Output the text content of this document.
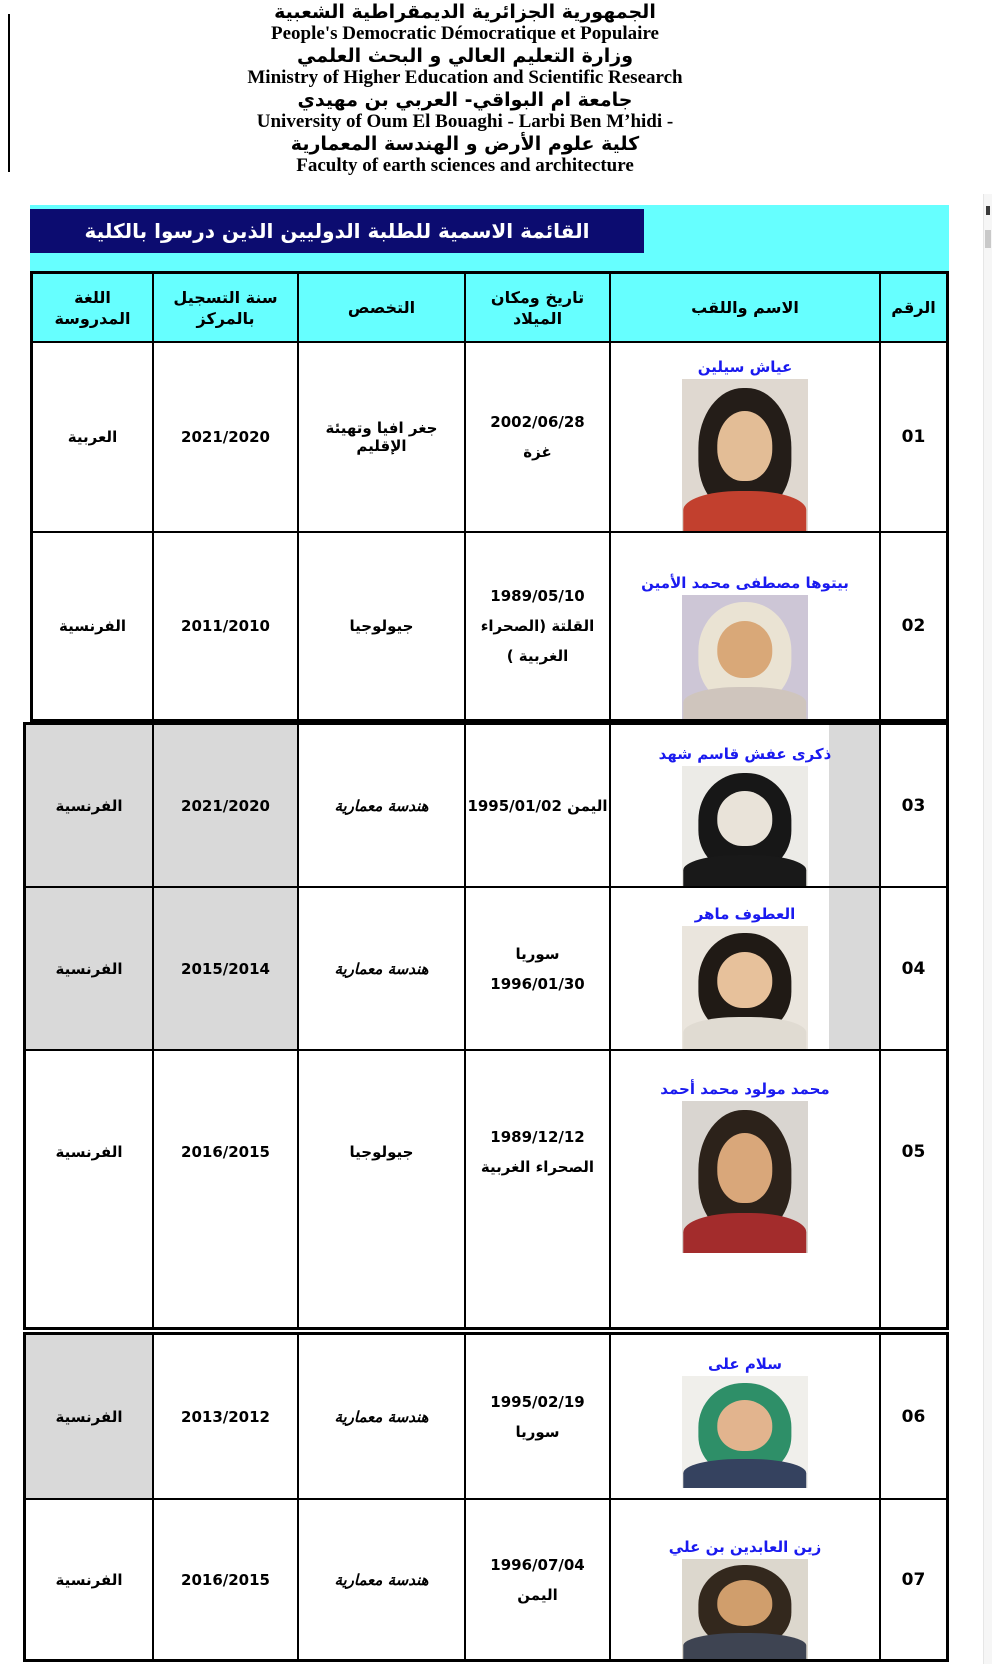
الجمهورية الجزائرية الديمقراطية الشعبية
People's Democratic Démocratique et Populaire
وزارة التعليم العالي و البحث العلمي
Ministry of Higher Education and Scientific Research
جامعة ام البواقي- العربي بن مهيدي
University of Oum El Bouaghi - Larbi Ben M’hidi -
كلية علوم الأرض و الهندسة المعمارية
Faculty of earth sciences and architecture
القائمة الاسمية للطلبة الدوليين الذين درسوا بالكلية
الرقم
الاسم واللقب
تاريخ ومكان الميلاد
التخصص
سنة التسجيل بالمركز
اللغة المدروسة
01
عياش سيلين
2002/06/28
غزة
جغر افيا وتهيئة الإقليم
2021/2020
العربية
02
بيتوها مصطفى محمد الأمين
1989/05/10
القلتة (الصحراء الغربية )
جيولوجيا
2011/2010
الفرنسية
03
ذكرى عفش قاسم شهد
اليمن 1995/01/02
هندسة معمارية
2021/2020
الفرنسية
04
العطوف ماهر
سوريا 1996/01/30
هندسة معمارية
2015/2014
الفرنسية
05
محمد مولود محمد أحمد
1989/12/12
الصحراء الغربية
جيولوجيا
2016/2015
الفرنسية
06
سلام على
1995/02/19
سوريا
هندسة معمارية
2013/2012
الفرنسية
07
زين العابدين بن علي
1996/07/04
اليمن
هندسة معمارية
2016/2015
الفرنسية
